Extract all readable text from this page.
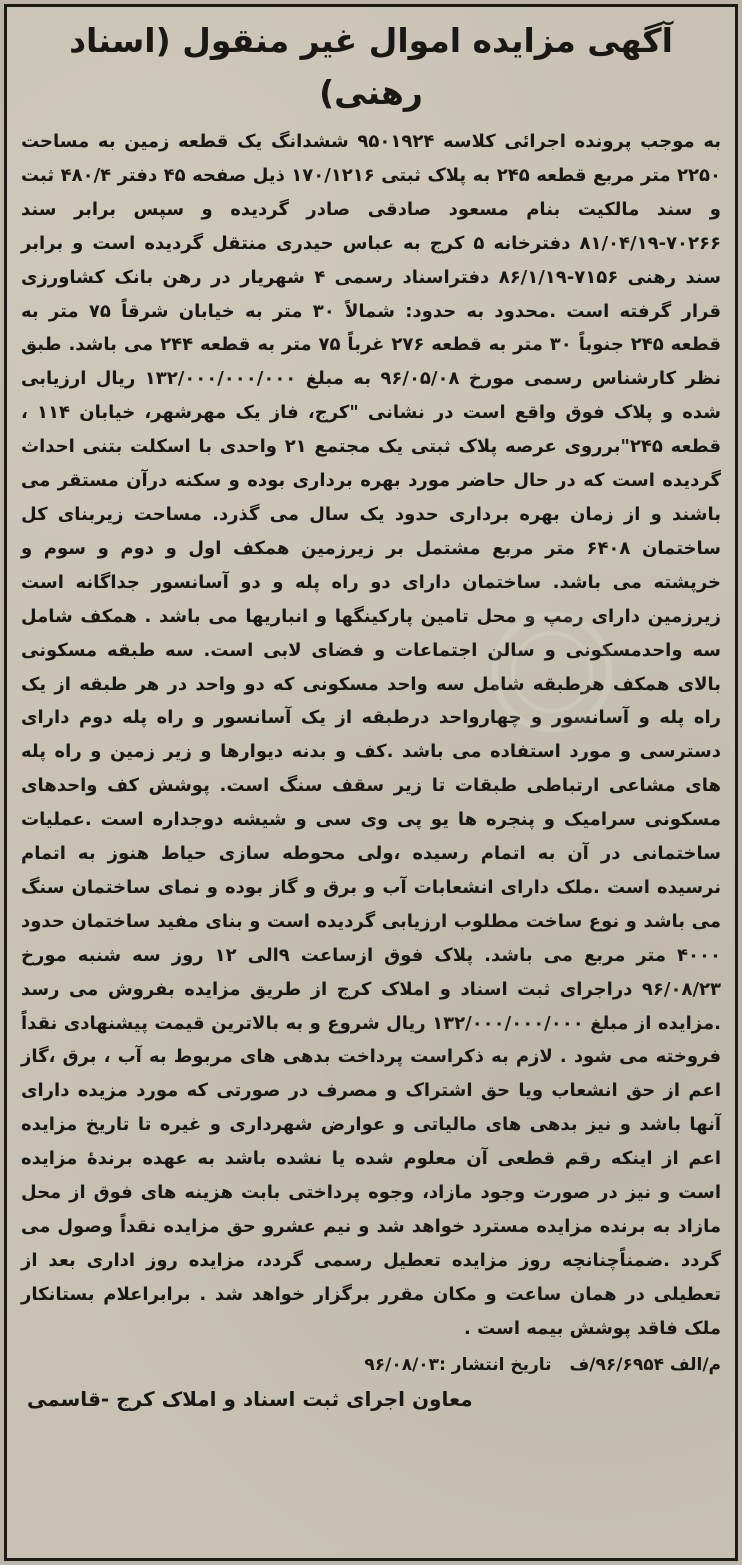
آگهی مزایده اموال غیر منقول (اسناد رهنی)

به موجب پرونده اجرائی کلاسه ۹۵۰۱۹۲۴ ششدانگ یک قطعه زمین به مساحت ۲۲۵۰ متر مربع قطعه ۲۴۵ به پلاک ثبتی ۱۷۰/۱۲۱۶ ذیل صفحه ۴۵ دفتر ۴۸۰/۴ ثبت و سند مالکیت بنام مسعود صادقی صادر گردیده و سپس برابر سند ۷۰۲۶۶-۸۱/۰۴/۱۹ دفترخانه ۵ کرج به عباس حیدری منتقل گردیده است و برابر سند رهنی ۷۱۵۶-۸۶/۱/۱۹ دفتراسناد رسمی ۴ شهریار در رهن بانک کشاورزی قرار گرفته است .محدود به حدود: شمالاً ۳۰ متر به خیابان شرقاً ۷۵ متر به قطعه ۲۴۵ جنوباً ۳۰ متر به قطعه ۲۷۶ غرباً ۷۵ متر به قطعه ۲۴۴ می باشد. طبق نظر کارشناس رسمی مورخ ۹۶/۰۵/۰۸ به مبلغ ۱۳۲/۰۰۰/۰۰۰/۰۰۰ ریال ارزیابی شده و پلاک فوق واقع است در نشانی "کرج، فاز یک مهرشهر، خیابان ۱۱۴ ، قطعه ۲۴۵"برروی عرصه پلاک ثبتی یک مجتمع ۲۱ واحدی با اسکلت بتنی احداث گردیده است که در حال حاضر مورد بهره برداری بوده و سکنه درآن مستقر می باشند و از زمان بهره برداری حدود یک سال می گذرد. مساحت زیربنای کل ساختمان ۶۴۰۸ متر مربع مشتمل بر زیرزمین همکف اول و دوم و سوم و خرپشته می باشد. ساختمان دارای دو راه پله و دو آسانسور جداگانه است زیرزمین دارای رمپ و محل تامین پارکینگها و انباریها می باشد . همکف شامل سه واحدمسکونی و سالن اجتماعات و فضای لابی است. سه طبقه مسکونی بالای همکف هرطبقه شامل سه واحد مسکونی که دو واحد در هر طبقه از یک راه پله و آسانسور و چهارواحد درطبقه از یک آسانسور و راه پله دوم دارای دسترسی و مورد استفاده می باشد .کف و بدنه دیوارها و زیر زمین و راه پله های مشاعی ارتباطی طبقات تا زیر سقف سنگ است. پوشش کف واحدهای مسکونی سرامیک و پنجره ها یو پی وی سی و شیشه دوجداره است .عملیات ساختمانی در آن به اتمام رسیده ،ولی محوطه سازی حیاط هنوز به اتمام نرسیده است .ملک دارای انشعابات آب و برق و گاز بوده و نمای ساختمان سنگ می باشد و نوع ساخت مطلوب ارزیابی گردیده است و بنای مفید ساختمان حدود ۴۰۰۰ متر مربع می باشد. پلاک فوق ازساعت ۹الی ۱۲ روز سه شنبه مورخ ۹۶/۰۸/۲۳ دراجرای ثبت اسناد و املاک کرج از طریق مزایده بفروش می رسد .مزایده از مبلغ ۱۳۲/۰۰۰/۰۰۰/۰۰۰ ریال شروع و به بالاترین قیمت پیشنهادی نقداً فروخته می شود . لازم به ذکراست پرداخت بدهی های مربوط به آب ، برق ،گاز اعم از حق انشعاب ویا حق اشتراک و مصرف در صورتی که مورد مزیده دارای آنها باشد و نیز بدهی های مالیاتی و عوارض شهرداری و غیره تا تاریخ مزایده اعم از اینکه رقم قطعی آن معلوم شده یا نشده باشد به عهده برندهٔ مزایده است و نیز در صورت وجود مازاد، وجوه پرداختی بابت هزینه های فوق از محل مازاد به برنده مزایده مسترد خواهد شد و نیم عشرو حق مزایده نقداً وصول می گردد .ضمناًچنانچه روز مزایده تعطیل رسمی گردد، مزایده روز اداری بعد از تعطیلی در همان ساعت و مکان مقرر برگزار خواهد شد . برابراعلام بستانکار ملک فاقد پوشش بیمه است .

م/الف ۹۶/۶۹۵۴/ف
تاریخ انتشار :۹۶/۰۸/۰۳

معاون اجرای ثبت اسناد و املاک کرج -قاسمی
